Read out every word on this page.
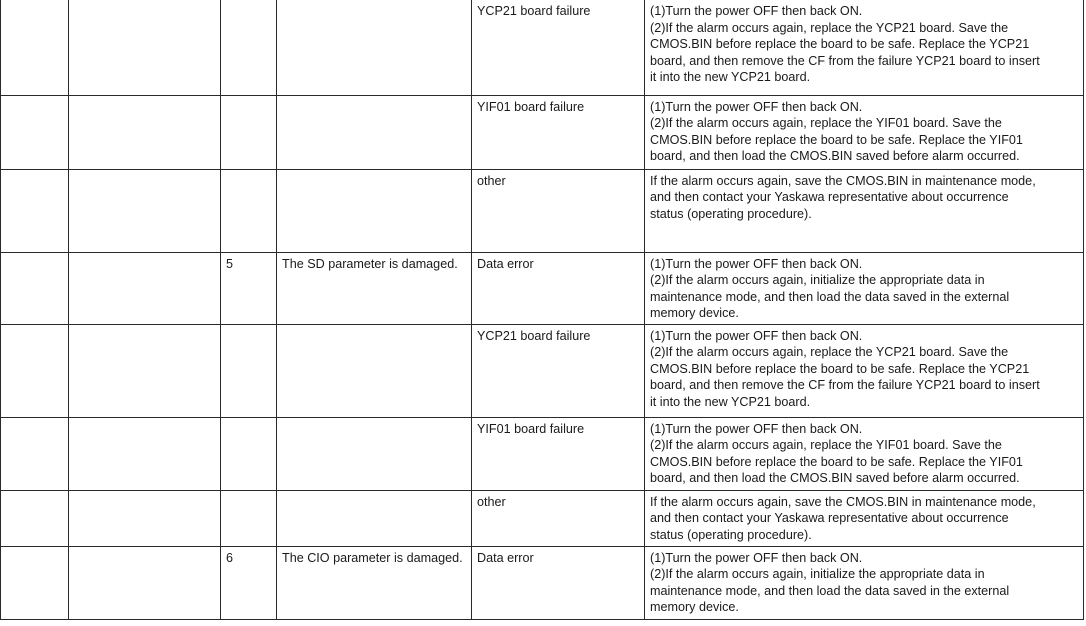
				YCP21 board failure	(1)Turn the power OFF then back ON.
(2)If the alarm occurs again, replace the YCP21 board. Save the
CMOS.BIN before replace the board to be safe. Replace the YCP21
board, and then remove the CF from the failure YCP21 board to insert
it into the new YCP21 board.

				YIF01 board failure	(1)Turn the power OFF then back ON.
(2)If the alarm occurs again, replace the YIF01 board. Save the
CMOS.BIN before replace the board to be safe. Replace the YIF01
board, and then load the CMOS.BIN saved before alarm occurred.

				other	If the alarm occurs again, save the CMOS.BIN in maintenance mode,
and then contact your Yaskawa representative about occurrence
status (operating procedure).

		5	The SD parameter is damaged.	Data error	(1)Turn the power OFF then back ON.
(2)If the alarm occurs again, initialize the appropriate data in
maintenance mode, and then load the data saved in the external
memory device.

				YCP21 board failure	(1)Turn the power OFF then back ON.
(2)If the alarm occurs again, replace the YCP21 board. Save the
CMOS.BIN before replace the board to be safe. Replace the YCP21
board, and then remove the CF from the failure YCP21 board to insert
it into the new YCP21 board.

				YIF01 board failure	(1)Turn the power OFF then back ON.
(2)If the alarm occurs again, replace the YIF01 board. Save the
CMOS.BIN before replace the board to be safe. Replace the YIF01
board, and then load the CMOS.BIN saved before alarm occurred.

				other	If the alarm occurs again, save the CMOS.BIN in maintenance mode,
and then contact your Yaskawa representative about occurrence
status (operating procedure).

		6	The CIO parameter is damaged.	Data error	(1)Turn the power OFF then back ON.
(2)If the alarm occurs again, initialize the appropriate data in
maintenance mode, and then load the data saved in the external
memory device.
